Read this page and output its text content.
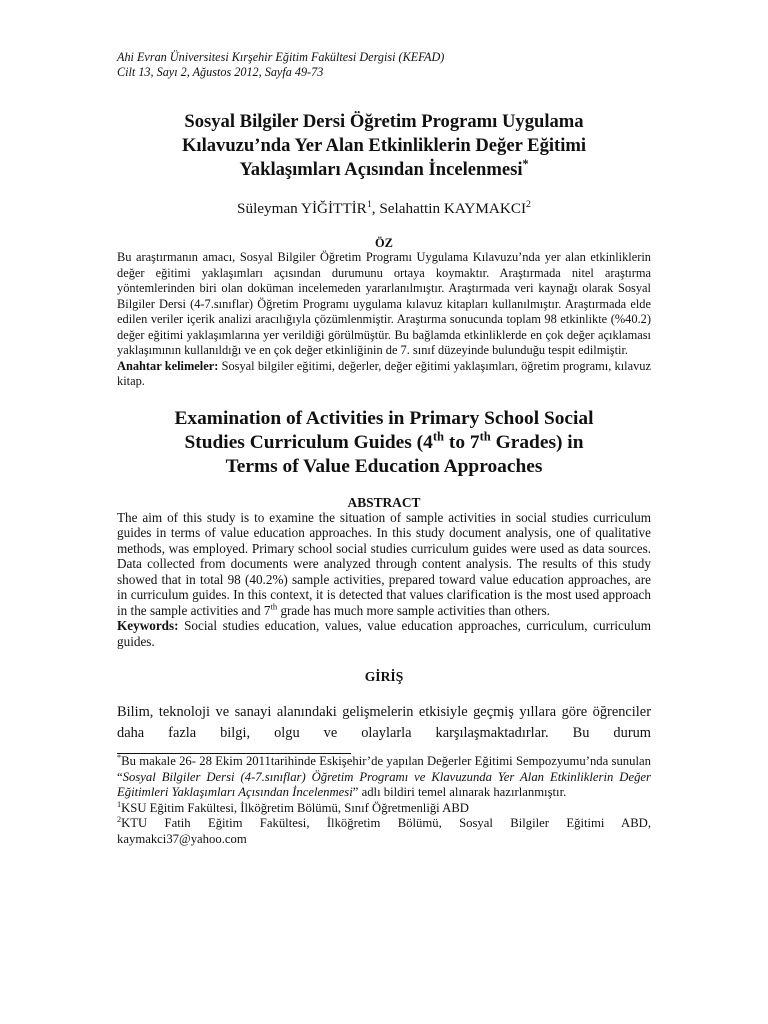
Ahi Evran Üniversitesi Kırşehir Eğitim Fakültesi Dergisi (KEFAD)
Cilt 13, Sayı 2, Ağustos 2012, Sayfa 49-73
Sosyal Bilgiler Dersi Öğretim Programı Uygulama
Kılavuzu’nda Yer Alan Etkinliklerin Değer Eğitimi
Yaklaşımları Açısından İncelenmesi*
Süleyman YİĞİTTİR$^1$, Selahattin KAYMAKCI$^2$
ÖZ
Bu araştırmanın amacı, Sosyal Bilgiler Öğretim Programı Uygulama Kılavuzu’nda yer alan etkinliklerin değer eğitimi yaklaşımları açısından durumunu ortaya koymaktır. Araştırmada nitel araştırma yöntemlerinden biri olan doküman incelemeden yararlanılmıştır. Araştırmada veri kaynağı olarak Sosyal Bilgiler Dersi (4-7.sınıflar) Öğretim Programı uygulama kılavuz kitapları kullanılmıştır. Araştırmada elde edilen veriler içerik analizi aracılığıyla çözümlenmiştir. Araştırma sonucunda toplam 98 etkinlikte (%40.2) değer eğitimi yaklaşımlarına yer verildiği görülmüştür. Bu bağlamda etkinliklerde en çok değer açıklaması yaklaşımının kullanıldığı ve en çok değer etkinliğinin de 7. sınıf düzeyinde bulunduğu tespit edilmiştir.
Anahtar kelimeler: Sosyal bilgiler eğitimi, değerler, değer eğitimi yaklaşımları, öğretim programı, kılavuz kitap.
Examination of Activities in Primary School Social
Studies Curriculum Guides (4th to 7th Grades) in
Terms of Value Education Approaches
ABSTRACT
The aim of this study is to examine the situation of sample activities in social studies curriculum guides in terms of value education approaches. In this study document analysis, one of qualitative methods, was employed. Primary school social studies curriculum guides were used as data sources. Data collected from documents were analyzed through content analysis. The results of this study showed that in total 98 (40.2%) sample activities, prepared toward value education approaches, are in curriculum guides. In this context, it is detected that values clarification is the most used approach in the sample activities and 7th grade has much more sample activities than others.
Keywords: Social studies education, values, value education approaches, curriculum, curriculum guides.
GİRİŞ
Bilim, teknoloji ve sanayi alanındaki gelişmelerin etkisiyle geçmiş yıllara göre öğrenciler daha fazla bilgi, olgu ve olaylarla karşılaşmaktadırlar. Bu durum
*Bu makale 26- 28 Ekim 2011tarihinde Eskişehir’de yapılan Değerler Eğitimi Sempozyumu’nda sunulan “Sosyal Bilgiler Dersi (4-7.sınıflar) Öğretim Programı ve Klavuzunda Yer Alan Etkinliklerin Değer Eğitimleri Yaklaşımları Açısından İncelenmesi” adlı bildiri temel alınarak hazırlanmıştır.
$^1$KSU Eğitim Fakültesi, İlköğretim Bölümü, Sınıf Öğretmenliği ABD
$^2$KTU Fatih Eğitim Fakültesi, İlköğretim Bölümü, Sosyal Bilgiler Eğitimi ABD, kaymakci37@yahoo.com
